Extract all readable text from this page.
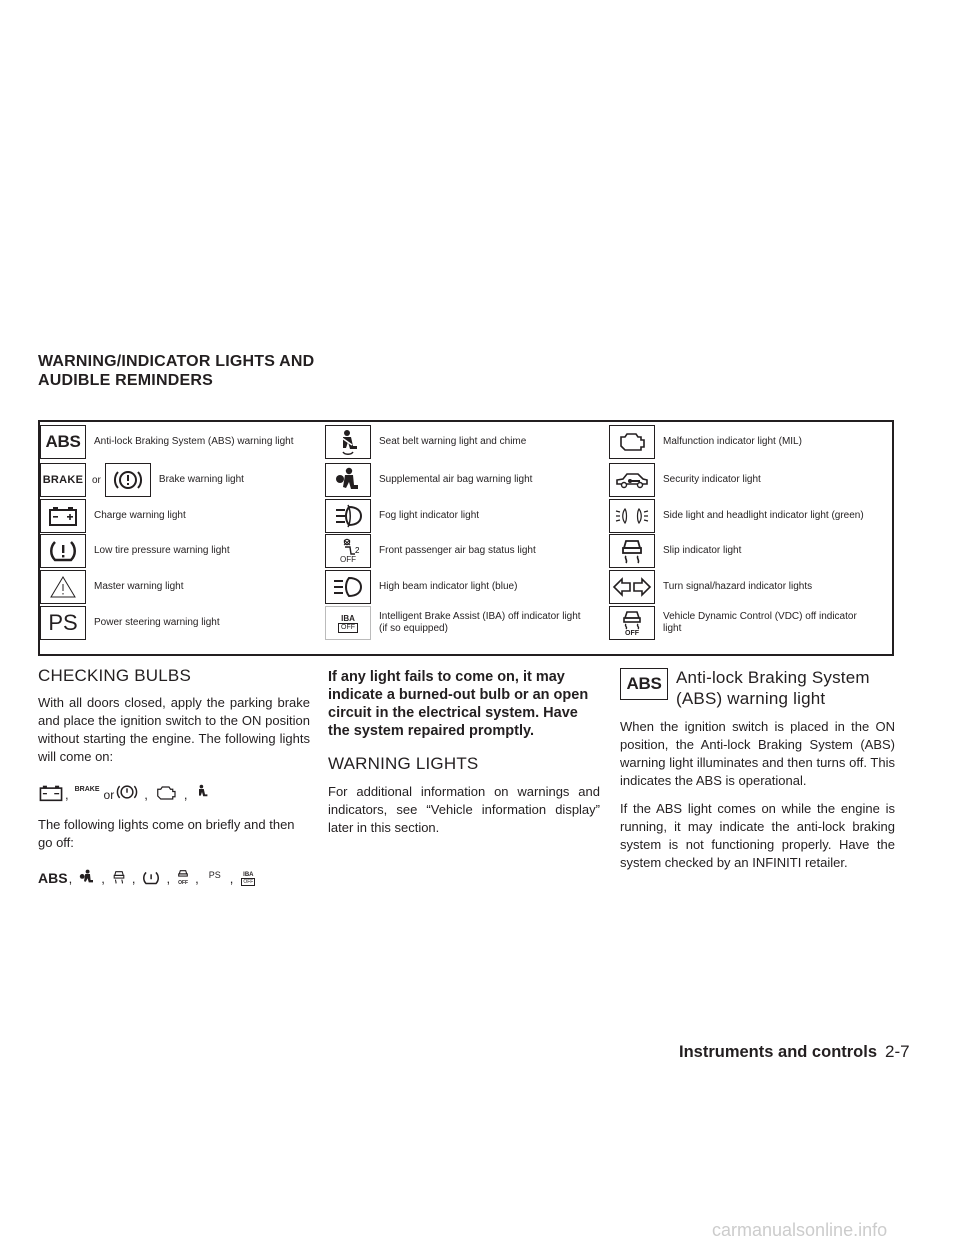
WARNING/INDICATOR LIGHTS AND
AUDIBLE REMINDERS
ABS Anti-lock Braking System (ABS) warning light
BRAKE or	Brake warning light
Charge warning light
Low tire pressure warning light
Master warning light
PS Power steering warning light
Seat belt warning light and chime
Supplemental air bag warning light
Fog light indicator light
2
OFF
Front passenger air bag status light
High beam indicator light (blue)
IBA
OFF
Intelligent Brake Assist (IBA) off indicator light
(if so equipped)
Malfunction indicator light (MIL)
Security indicator light
Side light and headlight indicator light (green)
Slip indicator light
Turn signal/hazard indicator lights
OFF
Vehicle Dynamic Control (VDC) off indicator
light
CHECKING BULBS

With all doors closed, apply the parking brake and place the ignition switch to the ON position without starting the engine. The following lights will come on:

, BRAKE or ,	,

The following lights come on briefly and then go off:

ABS , , , , OFF , PS , IBA
OFF

If any light fails to come on, it may indicate a burned-out bulb or an open circuit in the electrical system. Have the system repaired promptly.

WARNING LIGHTS

For additional information on warnings and indicators, see “Vehicle information display” later in this section.

ABS Anti-lock Braking System
(ABS) warning light

When the ignition switch is placed in the ON position, the Anti-lock Braking System (ABS) warning light illuminates and then turns off. This indicates the ABS is operational.

If the ABS light comes on while the engine is running, it may indicate the anti-lock braking system is not functioning properly. Have the system checked by an INFINITI retailer.

Instruments and controls 2-7
carmanualsonline.info
